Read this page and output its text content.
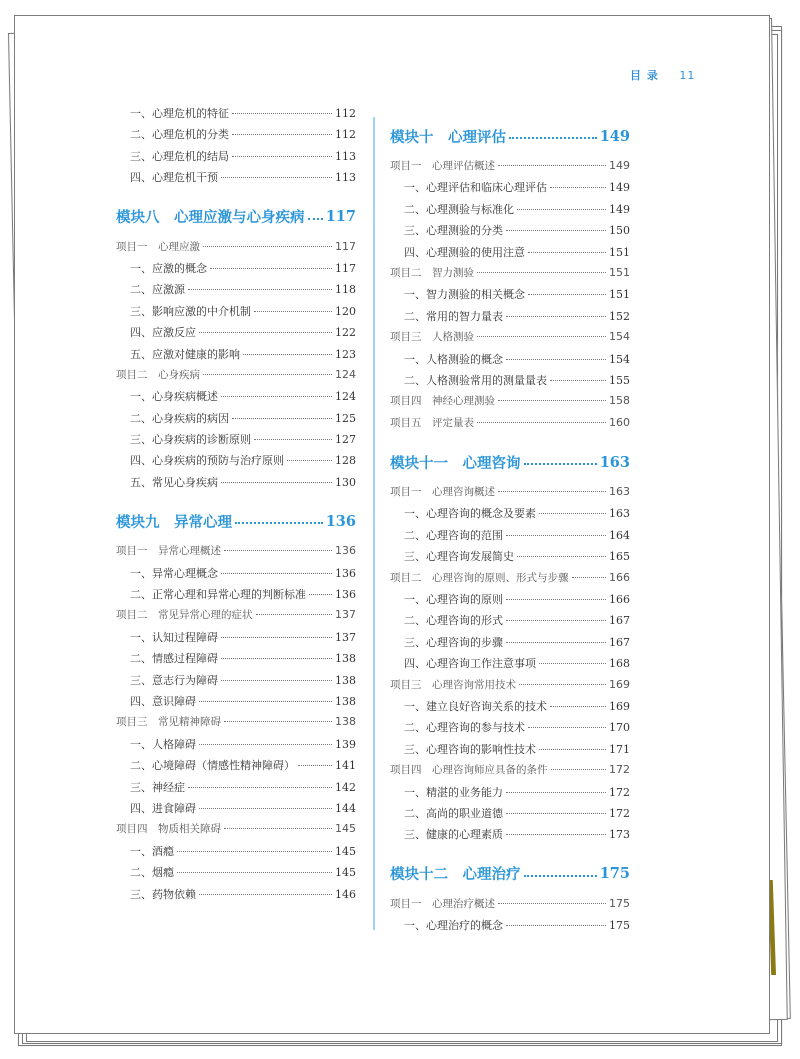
目 录 11
一、心理危机的特征	112
二、心理危机的分类	112
三、心理危机的结局	113
四、心理危机干预	113
模块八　心理应激与心身疾病 117
项目一　心理应激	117
一、应激的概念	117
二、应激源	118
三、影响应激的中介机制	120
四、应激反应	122
五、应激对健康的影响	123
项目二　心身疾病	124
一、心身疾病概述	124
二、心身疾病的病因	125
三、心身疾病的诊断原则	127
四、心身疾病的预防与治疗原则	128
五、常见心身疾病	130
模块九　异常心理	136
项目一　异常心理概述	136
一、异常心理概念	136
二、正常心理和异常心理的判断标准	136
项目二　常见异常心理的症状	137
一、认知过程障碍	137
二、情感过程障碍	138
三、意志行为障碍	138
四、意识障碍	138
项目三　常见精神障碍	138
一、人格障碍	139
二、心境障碍（情感性精神障碍）	141
三、神经症	142
四、进食障碍	144
项目四　物质相关障碍	145
一、酒瘾	145
二、烟瘾	145
三、药物依赖	146
模块十　心理评估	149
项目一　心理评估概述	149
一、心理评估和临床心理评估	149
二、心理测验与标准化	149
三、心理测验的分类	150
四、心理测验的使用注意	151
项目二　智力测验	151
一、智力测验的相关概念	151
二、常用的智力量表	152
项目三　人格测验	154
一、人格测验的概念	154
二、人格测验常用的测量量表	155
项目四　神经心理测验	158
项目五　评定量表	160
模块十一　心理咨询	163
项目一　心理咨询概述	163
一、心理咨询的概念及要素	163
二、心理咨询的范围	164
三、心理咨询发展简史	165
项目二　心理咨询的原则、形式与步骤	166
一、心理咨询的原则	166
二、心理咨询的形式	167
三、心理咨询的步骤	167
四、心理咨询工作注意事项	168
项目三　心理咨询常用技术	169
一、建立良好咨询关系的技术	169
二、心理咨询的参与技术	170
三、心理咨询的影响性技术	171
项目四　心理咨询师应具备的条件	172
一、精湛的业务能力	172
二、高尚的职业道德	172
三、健康的心理素质	173
模块十二　心理治疗	175
项目一　心理治疗概述	175
一、心理治疗的概念	175
